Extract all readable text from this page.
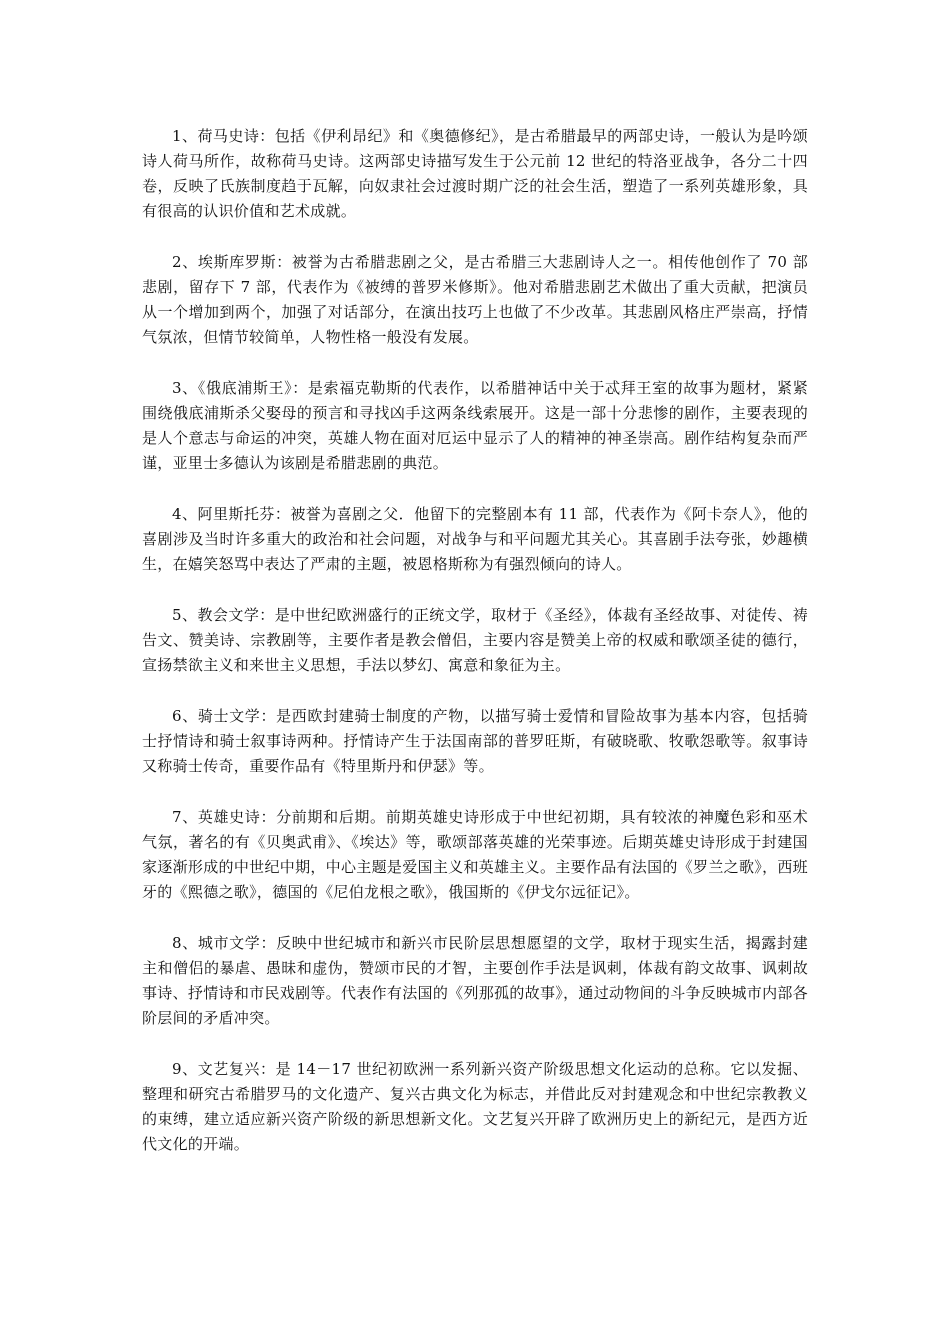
1、荷马史诗：包括《伊利昂纪》和《奥德修纪》，是古希腊最早的两部史诗，一般认为是吟颂诗人荷马所作，故称荷马史诗。这两部史诗描写发生于公元前 12 世纪的特洛亚战争，各分二十四卷，反映了氏族制度趋于瓦解，向奴隶社会过渡时期广泛的社会生活，塑造了一系列英雄形象，具有很高的认识价值和艺术成就。

2、埃斯库罗斯：被誉为古希腊悲剧之父，是古希腊三大悲剧诗人之一。相传他创作了 70 部悲剧，留存下 7 部，代表作为《被缚的普罗米修斯》。他对希腊悲剧艺术做出了重大贡献，把演员从一个增加到两个，加强了对话部分，在演出技巧上也做了不少改革。其悲剧风格庄严崇高，抒情气氛浓，但情节较简单，人物性格一般没有发展。

3、《俄底浦斯王》：是索福克勒斯的代表作，以希腊神话中关于忒拜王室的故事为题材，紧紧围绕俄底浦斯杀父娶母的预言和寻找凶手这两条线索展开。这是一部十分悲惨的剧作，主要表现的是人个意志与命运的冲突，英雄人物在面对厄运中显示了人的精神的神圣崇高。剧作结构复杂而严谨，亚里士多德认为该剧是希腊悲剧的典范。

4、阿里斯托芬：被誉为喜剧之父．他留下的完整剧本有 11 部，代表作为《阿卡奈人》，他的喜剧涉及当时许多重大的政治和社会问题，对战争与和平问题尤其关心。其喜剧手法夸张，妙趣横生，在嬉笑怒骂中表达了严肃的主题，被恩格斯称为有强烈倾向的诗人。

5、教会文学：是中世纪欧洲盛行的正统文学，取材于《圣经》，体裁有圣经故事、对徒传、祷告文、赞美诗、宗教剧等，主要作者是教会僧侣，主要内容是赞美上帝的权威和歌颂圣徒的德行，宣扬禁欲主义和来世主义思想，手法以梦幻、寓意和象征为主。

6、骑士文学：是西欧封建骑士制度的产物，以描写骑士爱情和冒险故事为基本内容，包括骑士抒情诗和骑士叙事诗两种。抒情诗产生于法国南部的普罗旺斯，有破晓歌、牧歌怨歌等。叙事诗又称骑士传奇，重要作品有《特里斯丹和伊瑟》等。

7、英雄史诗：分前期和后期。前期英雄史诗形成于中世纪初期，具有较浓的神魔色彩和巫术气氛，著名的有《贝奥武甫》、《埃达》等，歌颂部落英雄的光荣事迹。后期英雄史诗形成于封建国家逐渐形成的中世纪中期，中心主题是爱国主义和英雄主义。主要作品有法国的《罗兰之歌》，西班牙的《熙德之歌》，德国的《尼伯龙根之歌》，俄国斯的《伊戈尔远征记》。

8、城市文学：反映中世纪城市和新兴市民阶层思想愿望的文学，取材于现实生活，揭露封建主和僧侣的暴虐、愚昧和虚伪，赞颂市民的才智，主要创作手法是讽刺，体裁有韵文故事、讽刺故事诗、抒情诗和市民戏剧等。代表作有法国的《列那孤的故事》，通过动物间的斗争反映城市内部各阶层间的矛盾冲突。

9、文艺复兴：是 14－17 世纪初欧洲一系列新兴资产阶级思想文化运动的总称。它以发掘、整理和研究古希腊罗马的文化遗产、复兴古典文化为标志，并借此反对封建观念和中世纪宗教教义的束缚，建立适应新兴资产阶级的新思想新文化。文艺复兴开辟了欧洲历史上的新纪元，是西方近代文化的开端。
